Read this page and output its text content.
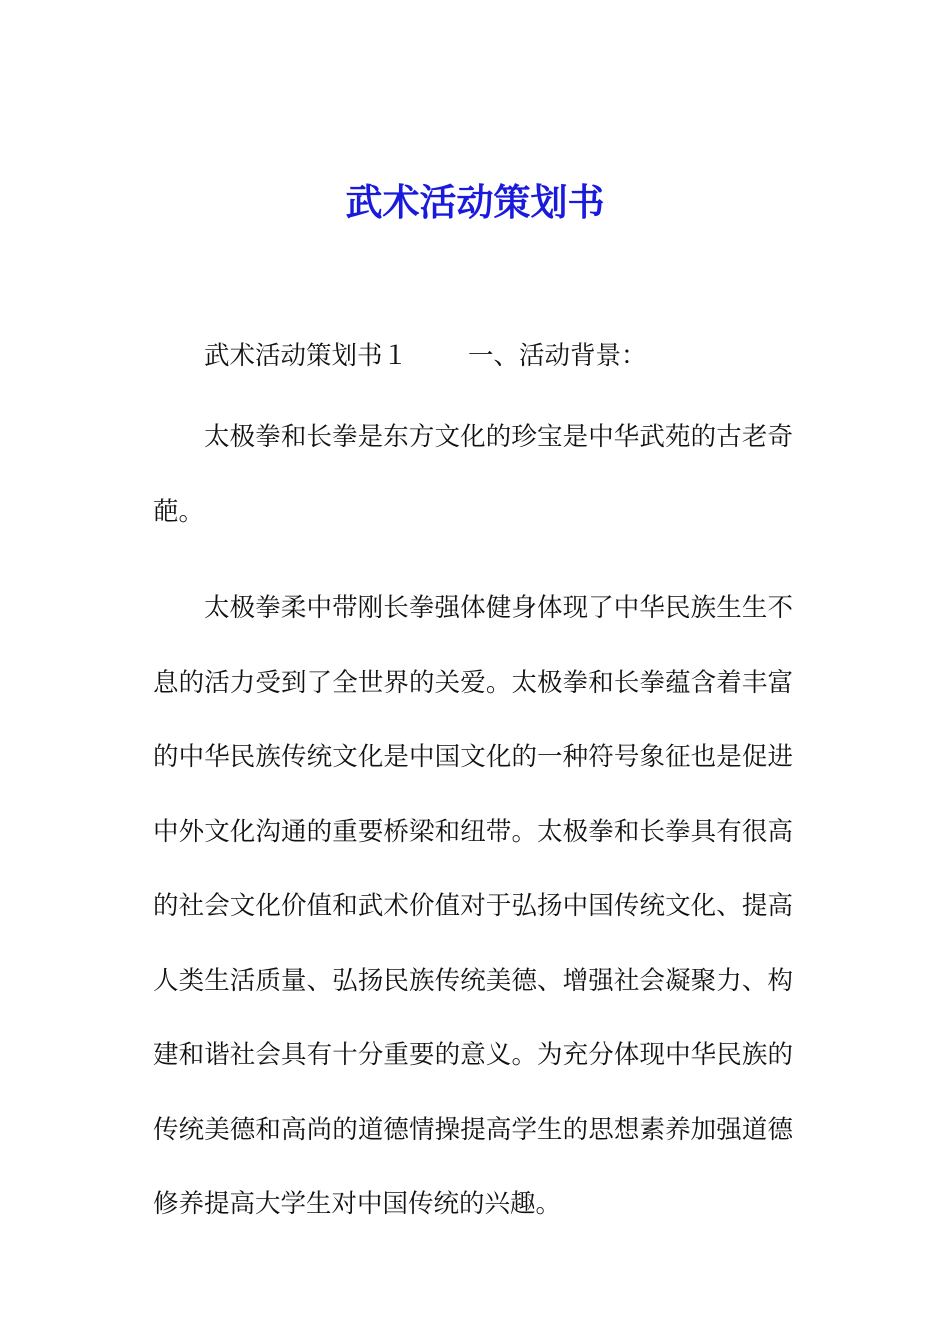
武术活动策划书

武术活动策划书１ 一、活动背景：

太极拳和长拳是东方文化的珍宝是中华武苑的古老奇葩。

太极拳柔中带刚长拳强体健身体现了中华民族生生不息的活力受到了全世界的关爱。太极拳和长拳蕴含着丰富的中华民族传统文化是中国文化的一种符号象征也是促进中外文化沟通的重要桥梁和纽带。太极拳和长拳具有很高的社会文化价值和武术价值对于弘扬中国传统文化、提高人类生活质量、弘扬民族传统美德、增强社会凝聚力、构建和谐社会具有十分重要的意义。为充分体现中华民族的传统美德和高尚的道德情操提高学生的思想素养加强道德修养提高大学生对中国传统的兴趣。
